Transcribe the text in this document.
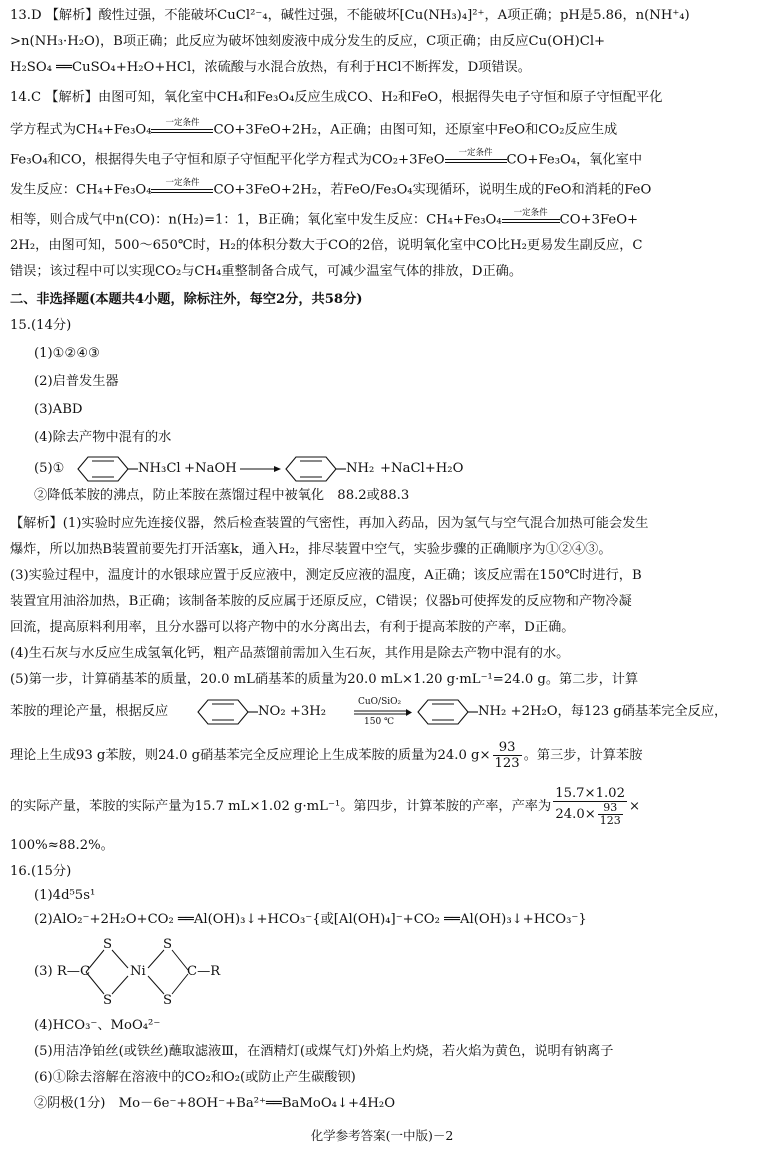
13.D 【解析】酸性过强，不能破坏CuCl²⁻₄，碱性过强，不能破坏[Cu(NH₃)₄]²⁺，A项正确；pH是5.86，n(NH⁺₄)
>n(NH₃·H₂O)，B项正确；此反应为破坏蚀刻废液中成分发生的反应，C项正确；由反应Cu(OH)Cl+
H₂SO₄ ══CuSO₄+H₂O+HCl，浓硫酸与水混合放热，有利于HCl不断挥发，D项错误。
14.C 【解析】由图可知，氧化室中CH₄和Fe₃O₄反应生成CO、H₂和FeO，根据得失电子守恒和原子守恒配平化
学方程式为CH₄+Fe₃O₄	一定条件	CO+3FeO+2H₂，A正确；由图可知，还原室中FeO和CO₂反应生成
Fe₃O₄和CO，根据得失电子守恒和原子守恒配平化学方程式为CO₂+3FeO	一定条件	CO+Fe₃O₄，氧化室中
发生反应：CH₄+Fe₃O₄	一定条件	CO+3FeO+2H₂，若FeO/Fe₃O₄实现循环，说明生成的FeO和消耗的FeO
相等，则合成气中n(CO)：n(H₂)=1：1，B正确；氧化室中发生反应：CH₄+Fe₃O₄	一定条件 CO+3FeO+
2H₂，由图可知，500～650℃时，H₂的体积分数大于CO的2倍，说明氧化室中CO比H₂更易发生副反应，C
错误；该过程中可以实现CO₂与CH₄重整制备合成气，可减少温室气体的排放，D正确。
二、非选择题(本题共4小题，除标注外，每空2分，共58分)
15.(14分)
(1)①②④③
(2)启普发生器
(3)ABD
(4)除去产物中混有的水
(5)①	NH₃Cl +NaOH	NH₂ +NaCl+H₂O
②降低苯胺的沸点，防止苯胺在蒸馏过程中被氧化　88.2或88.3
【解析】(1)实验时应先连接仪器，然后检查装置的气密性，再加入药品，因为氢气与空气混合加热可能会发生
爆炸，所以加热B装置前要先打开活塞k，通入H₂，排尽装置中空气，实验步骤的正确顺序为①②④③。
(3)实验过程中，温度计的水银球应置于反应液中，测定反应液的温度，A正确；该反应需在150℃时进行，B
装置宜用油浴加热，B正确；该制备苯胺的反应属于还原反应，C错误；仪器b可使挥发的反应物和产物冷凝
回流，提高原料利用率，且分水器可以将产物中的水分离出去，有利于提高苯胺的产率，D正确。
(4)生石灰与水反应生成氢氧化钙，粗产品蒸馏前需加入生石灰，其作用是除去产物中混有的水。
(5)第一步，计算硝基苯的质量，20.0 mL硝基苯的质量为20.0 mL×1.20 g·mL⁻¹=24.0 g。第二步，计算
苯胺的理论产量，根据反应	NO₂ +3H₂
CuO/SiO₂
150 ℃
NH₂ +2H₂O，每123 g硝基苯完全反应，
理论上生成93 g苯胺，则24.0 g硝基苯完全反应理论上生成苯胺的质量为24.0 $g\times \frac{93}{123}$ 。第三步，计算苯胺
的实际产量，苯胺的实际产量为15.7 mL×1.02 g·mL⁻¹。第四步，计算苯胺的产率，产率为 $\frac{15.7\times 1.02}{24.0\times \frac{93}{123}}$ ×
100%≈88.2%。
16.(15分)
(1)4d⁵5s¹
(2)AlO₂⁻+2H₂O+CO₂ ══Al(OH)₃↓+HCO₃⁻{或[Al(OH)₄]⁻+CO₂ ══Al(OH)₃↓+HCO₃⁻}
(3) R—C
S
S
Ni
S
S
C—R
(4)HCO₃⁻、MoO₄²⁻
(5)用洁净铂丝(或铁丝)蘸取滤液Ⅲ，在酒精灯(或煤气灯)外焰上灼烧，若火焰为黄色，说明有钠离子
(6)①除去溶解在溶液中的CO₂和O₂(或防止产生碳酸钡)
②阴极(1分)　Mo－6e⁻+8OH⁻+Ba²⁺══BaMoO₄↓+4H₂O
化学参考答案(一中版)－2
